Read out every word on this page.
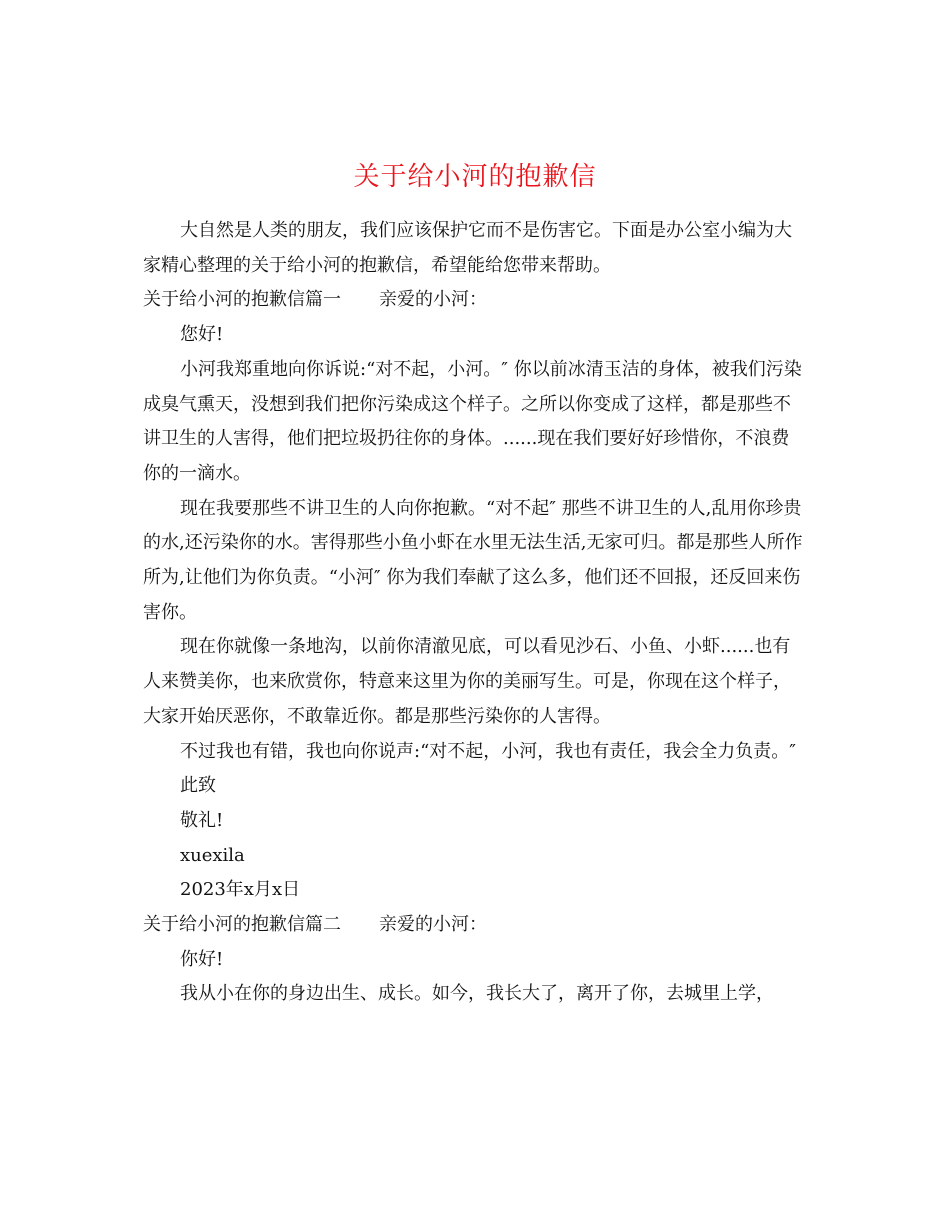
关于给小河的抱歉信

大自然是人类的朋友，我们应该保护它而不是伤害它。下面是办公室小编为大家精心整理的关于给小河的抱歉信，希望能给您带来帮助。

关于给小河的抱歉信篇一 亲爱的小河：

您好!

小河我郑重地向你诉说:“对不起，小河。″ 你以前冰清玉洁的身体，被我们污染成臭气熏天，没想到我们把你污染成这个样子。之所以你变成了这样，都是那些不讲卫生的人害得，他们把垃圾扔往你的身体。......现在我们要好好珍惜你，不浪费你的一滴水。

现在我要那些不讲卫生的人向你抱歉。“对不起″ 那些不讲卫生的人,乱用你珍贵的水,还污染你的水。害得那些小鱼小虾在水里无法生活,无家可归。都是那些人所作所为,让他们为你负责。“小河″ 你为我们奉献了这么多，他们还不回报，还反回来伤害你。

现在你就像一条地沟，以前你清澈见底，可以看见沙石、小鱼、小虾......也有人来赞美你，也来欣赏你，特意来这里为你的美丽写生。可是，你现在这个样子，大家开始厌恶你，不敢靠近你。都是那些污染你的人害得。

不过我也有错，我也向你说声:“对不起，小河，我也有责任，我会全力负责。″

此致

敬礼!

xuexila

2023年x月x日

关于给小河的抱歉信篇二 亲爱的小河：

你好!

我从小在你的身边出生、成长。如今，我长大了，离开了你，去城里上学，
